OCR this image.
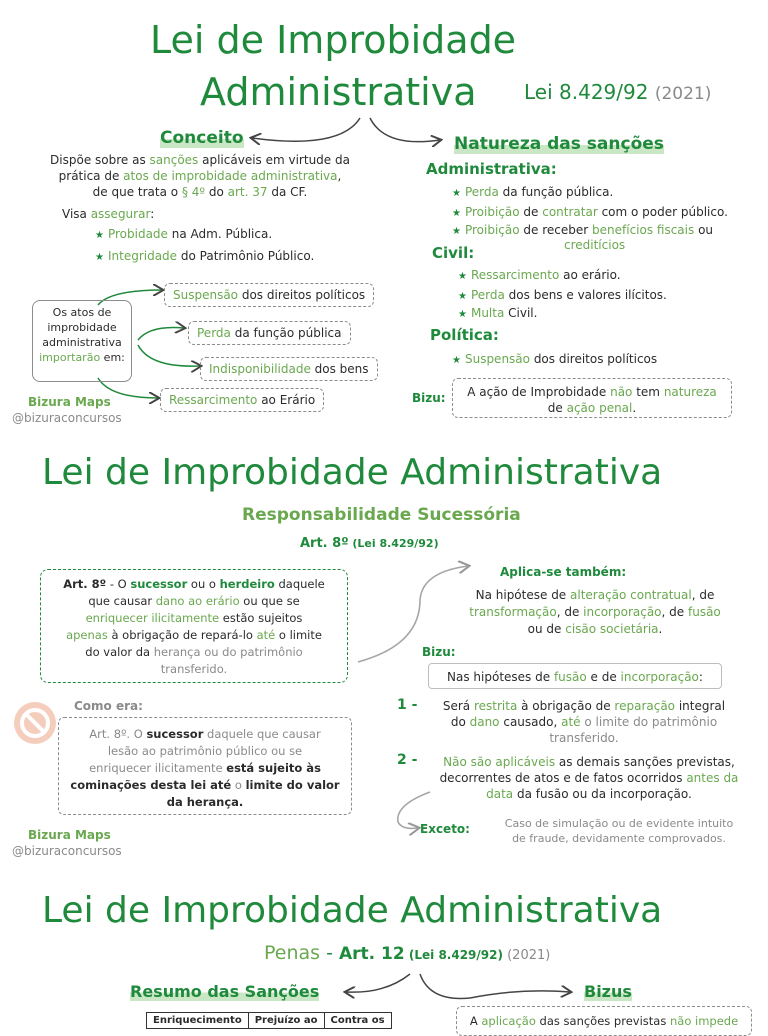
Lei de Improbidade
Administrativa Lei 8.429/92 (2021)
Conceito
Dispõe sobre as sanções aplicáveis em virtude da
prática de atos de improbidade administrativa,
de que trata o § 4º do art. 37 da CF.
Visa assegurar:
★ Probidade na Adm. Pública.
★ Integridade do Patrimônio Público.
Os atos de
improbidade
administrativa
importarão em:
Suspensão dos direitos políticos
Perda da função pública
Indisponibilidade dos bens
Ressarcimento ao Erário
Bizura Maps
@bizuraconcursos
Natureza das sanções
Administrativa:
★ Perda da função pública.
★ Proibição de contratar com o poder público.
★ Proibição de receber benefícios fiscais ou
creditícios
Civil:
★ Ressarcimento ao erário.
★ Perda dos bens e valores ilícitos.
★ Multa Civil.
Política:
★ Suspensão dos direitos políticos
Bizu:	A ação de Improbidade não tem natureza
de ação penal.
Lei de Improbidade Administrativa
Responsabilidade Sucessória
Art. 8º (Lei 8.429/92)
Art. 8º - O sucessor ou o herdeiro daquele
que causar dano ao erário ou que se
enriquecer ilicitamente estão sujeitos
apenas à obrigação de repará-lo até o limite
do valor da herança ou do patrimônio
transferido.
Como era:
Art. 8º. O sucessor daquele que causar
lesão ao patrimônio público ou se
enriquecer ilicitamente está sujeito às
cominações desta lei até o limite do valor
da herança.
Bizura Maps
@bizuraconcursos
Aplica-se também:
Na hipótese de alteração contratual, de
transformação, de incorporação, de fusão
ou de cisão societária.
Bizu:
Nas hipóteses de fusão e de incorporação:
1 -	Será restrita à obrigação de reparação integral
do dano causado, até o limite do patrimônio
transferido.
2 -	Não são aplicáveis as demais sanções previstas,
decorrentes de atos e de fatos ocorridos antes da
data da fusão ou da incorporação.
Exceto:	Caso de simulação ou de evidente intuito
de fraude, devidamente comprovados.
Lei de Improbidade Administrativa
Penas - Art. 12 (Lei 8.429/92) (2021)
Resumo das Sanções	Bizus
Enriquecimento	Prejuízo ao	Contra os	A aplicação das sanções previstas não impede
